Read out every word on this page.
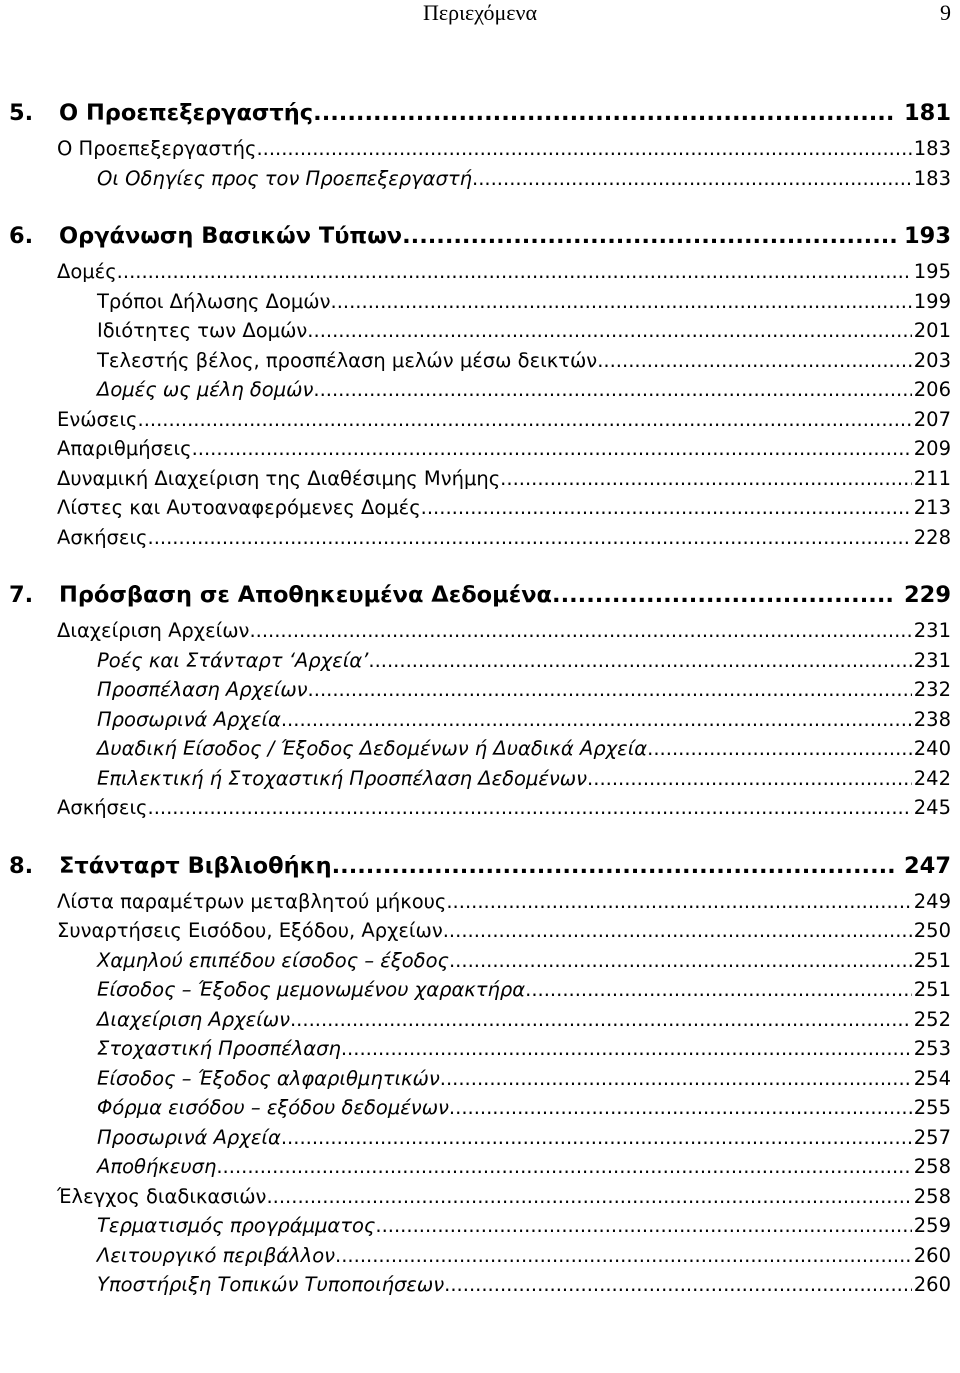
Περιεχόμενα	9
5.	Ο Προεπεξεργαστής .....	181
Ο Προεπεξεργαστής .....	183
Οι Οδηγίες προς τον Προεπεξεργαστή .....	183
6.	Οργάνωση Βασικών Τύπων .....	193
Δομές .....	195
Τρόποι Δήλωσης Δομών .....	199
Ιδιότητες των Δομών .....	201
Τελεστής βέλος, προσπέλαση μελών μέσω δεικτών .....	203
Δομές ως μέλη δομών .....	206
Ενώσεις .....	207
Απαριθμήσεις .....	209
Δυναμική Διαχείριση της Διαθέσιμης Μνήμης .....	211
Λίστες και Αυτοαναφερόμενες Δομές .....	213
Ασκήσεις .....	228
7.	Πρόσβαση σε Αποθηκευμένα Δεδομένα .....	229
Διαχείριση Αρχείων .....	231
Ροές και Στάνταρτ ‘Αρχεία’ .....	231
Προσπέλαση Αρχείων .....	232
Προσωρινά Αρχεία .....	238
Δυαδική Είσοδος / Έξοδος Δεδομένων ή Δυαδικά Αρχεία .....	240
Επιλεκτική ή Στοχαστική Προσπέλαση Δεδομένων .....	242
Ασκήσεις .....	245
8.	Στάνταρτ Βιβλιοθήκη .....	247
Λίστα παραμέτρων μεταβλητού μήκους .....	249
Συναρτήσεις Εισόδου, Εξόδου, Αρχείων .....	250
Χαμηλού επιπέδου είσοδος – έξοδος .....	251
Είσοδος – Έξοδος μεμονωμένου χαρακτήρα .....	251
Διαχείριση Αρχείων .....	252
Στοχαστική Προσπέλαση .....	253
Είσοδος – Έξοδος αλφαριθμητικών .....	254
Φόρμα εισόδου – εξόδου δεδομένων .....	255
Προσωρινά Αρχεία .....	257
Αποθήκευση .....	258
Έλεγχος διαδικασιών .....	258
Τερματισμός προγράμματος .....	259
Λειτουργικό περιβάλλον .....	260
Υποστήριξη Τοπικών Τυποποιήσεων .....	260
